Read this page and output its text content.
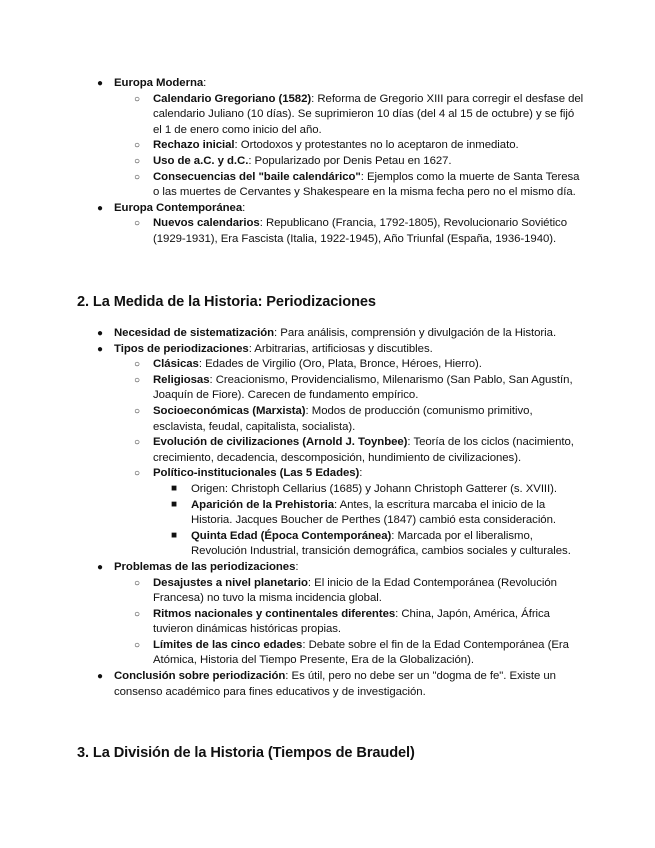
● Europa Moderna:
○ Calendario Gregoriano (1582): Reforma de Gregorio XIII para corregir el desfase del calendario Juliano (10 días). Se suprimieron 10 días (del 4 al 15 de octubre) y se fijó el 1 de enero como inicio del año.
○ Rechazo inicial: Ortodoxos y protestantes no lo aceptaron de inmediato.
○ Uso de a.C. y d.C.: Popularizado por Denis Petau en 1627.
○ Consecuencias del "baile calendárico": Ejemplos como la muerte de Santa Teresa o las muertes de Cervantes y Shakespeare en la misma fecha pero no el mismo día.
● Europa Contemporánea:
○ Nuevos calendarios: Republicano (Francia, 1792-1805), Revolucionario Soviético (1929-1931), Era Fascista (Italia, 1922-1945), Año Triunfal (España, 1936-1940).
2. La Medida de la Historia: Periodizaciones
● Necesidad de sistematización: Para análisis, comprensión y divulgación de la Historia.
● Tipos de periodizaciones: Arbitrarias, artificiosas y discutibles.
○ Clásicas: Edades de Virgilio (Oro, Plata, Bronce, Héroes, Hierro).
○ Religiosas: Creacionismo, Providencialismo, Milenarismo (San Pablo, San Agustín, Joaquín de Fiore). Carecen de fundamento empírico.
○ Socioeconómicas (Marxista): Modos de producción (comunismo primitivo, esclavista, feudal, capitalista, socialista).
○ Evolución de civilizaciones (Arnold J. Toynbee): Teoría de los ciclos (nacimiento, crecimiento, decadencia, descomposición, hundimiento de civilizaciones).
○ Político-institucionales (Las 5 Edades):
■ Origen: Christoph Cellarius (1685) y Johann Christoph Gatterer (s. XVIII).
■ Aparición de la Prehistoria: Antes, la escritura marcaba el inicio de la Historia. Jacques Boucher de Perthes (1847) cambió esta consideración.
■ Quinta Edad (Época Contemporánea): Marcada por el liberalismo, Revolución Industrial, transición demográfica, cambios sociales y culturales.
● Problemas de las periodizaciones:
○ Desajustes a nivel planetario: El inicio de la Edad Contemporánea (Revolución Francesa) no tuvo la misma incidencia global.
○ Ritmos nacionales y continentales diferentes: China, Japón, América, África tuvieron dinámicas históricas propias.
○ Límites de las cinco edades: Debate sobre el fin de la Edad Contemporánea (Era Atómica, Historia del Tiempo Presente, Era de la Globalización).
● Conclusión sobre periodización: Es útil, pero no debe ser un "dogma de fe". Existe un consenso académico para fines educativos y de investigación.
3. La División de la Historia (Tiempos de Braudel)
